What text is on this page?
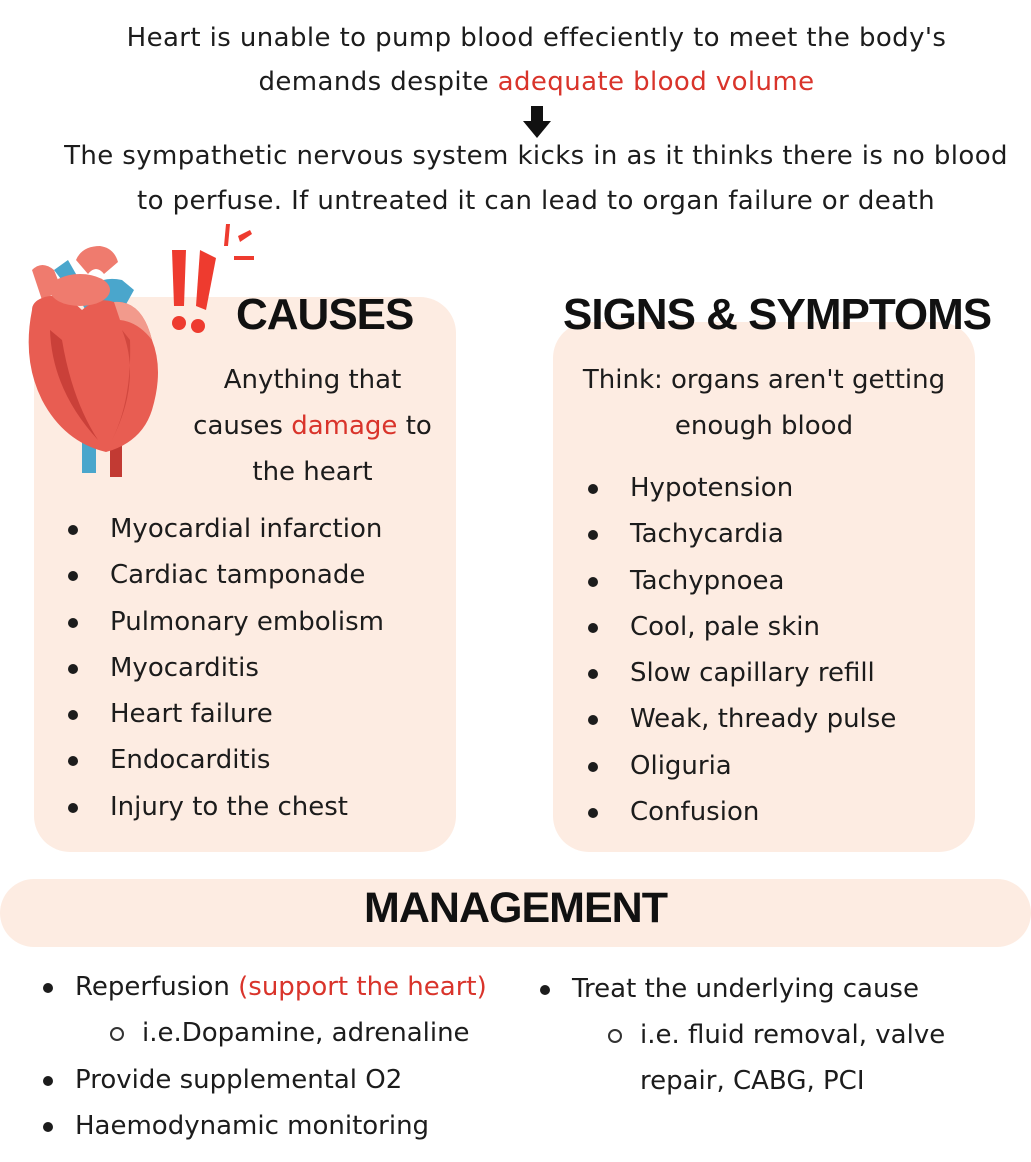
Heart is unable to pump blood effeciently to meet the body's
demands despite adequate blood volume
The sympathetic nervous system kicks in as it thinks there is no blood
to perfuse. If untreated it can lead to organ failure or death
CAUSES
Anything that
causes damage to
the heart
Myocardial infarction
Cardiac tamponade
Pulmonary embolism
Myocarditis
Heart failure
Endocarditis
Injury to the chest
SIGNS & SYMPTOMS
Think: organs aren't getting
enough blood
Hypotension
Tachycardia
Tachypnoea
Cool, pale skin
Slow capillary refill
Weak, thready pulse
Oliguria
Confusion
MANAGEMENT
Reperfusion (support the heart)
i.e.Dopamine, adrenaline
Provide supplemental O2
Haemodynamic monitoring
Treat the underlying cause
i.e. fluid removal, valve
repair, CABG, PCI
